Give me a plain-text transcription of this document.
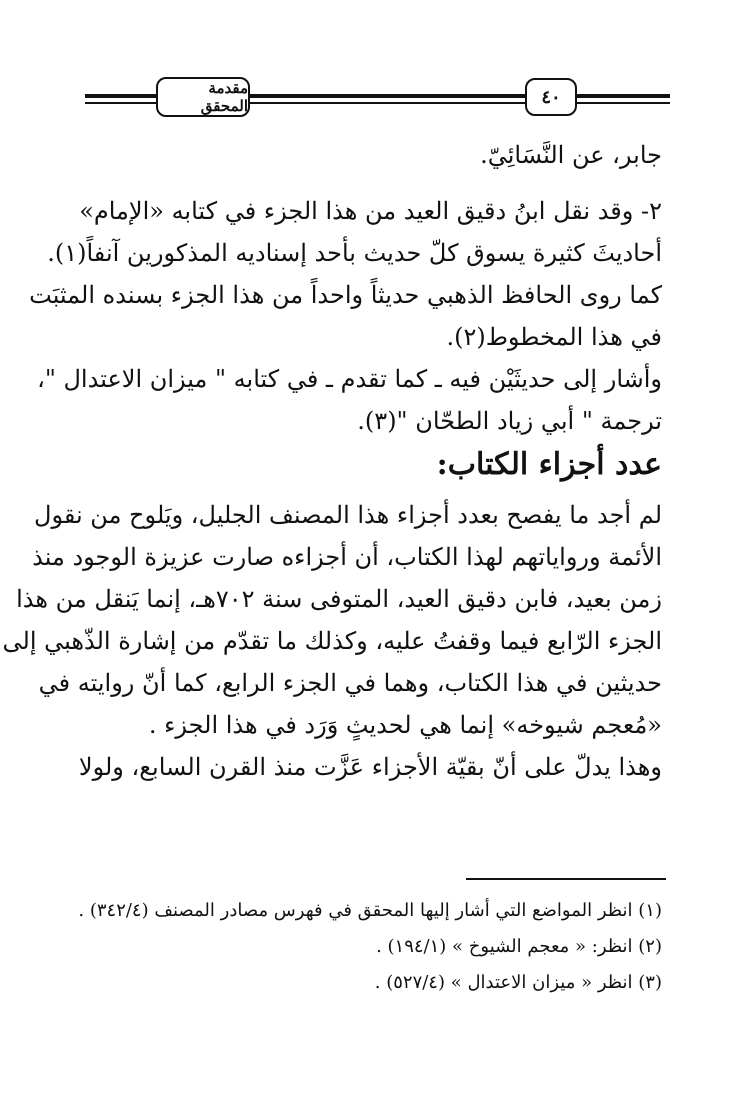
مقدمة المحقق	٤٠

جابر، عن النَّسَائِيّ.

٢- وقد نقل ابنُ دقيق العيد من هذا الجزء في كتابه «الإمام»

أحاديثَ كثيرة يسوق كلّ حديث بأحد إسناديه المذكورين آنفاً(١).

كما روى الحافظ الذهبي حديثاً واحداً من هذا الجزء بسنده المثبَت

في هذا المخطوط(٢).

وأشار إلى حديثَيْن فيه ـ كما تقدم ـ في كتابه " ميزان الاعتدال "،

ترجمة " أبي زياد الطحّان "(٣).

عدد أجزاء الكتاب:

لم أجد ما يفصح بعدد أجزاء هذا المصنف الجليل، ويَلوح من نقول

الأئمة ورواياتهم لهذا الكتاب، أن أجزاءه صارت عزيزة الوجود منذ

زمن بعيد، فابن دقيق العيد، المتوفى سنة ٧٠٢هـ، إنما يَنقل من هذا

الجزء الرّابع فيما وقفتُ عليه، وكذلك ما تقدّم من إشارة الذّهبي إلى

حديثين في هذا الكتاب، وهما في الجزء الرابع، كما أنّ روايته في

«مُعجم شيوخه» إنما هي لحديثٍ وَرَد في هذا الجزء .

وهذا يدلّ على أنّ بقيّة الأجزاء عَزَّت منذ القرن السابع، ولولا

(١) انظر المواضع التي أشار إليها المحقق في فهرس مصادر المصنف (٣٤٢/٤) .

(٢) انظر: « معجم الشيوخ » (١٩٤/١) .

(٣) انظر « ميزان الاعتدال » (٥٢٧/٤) .
